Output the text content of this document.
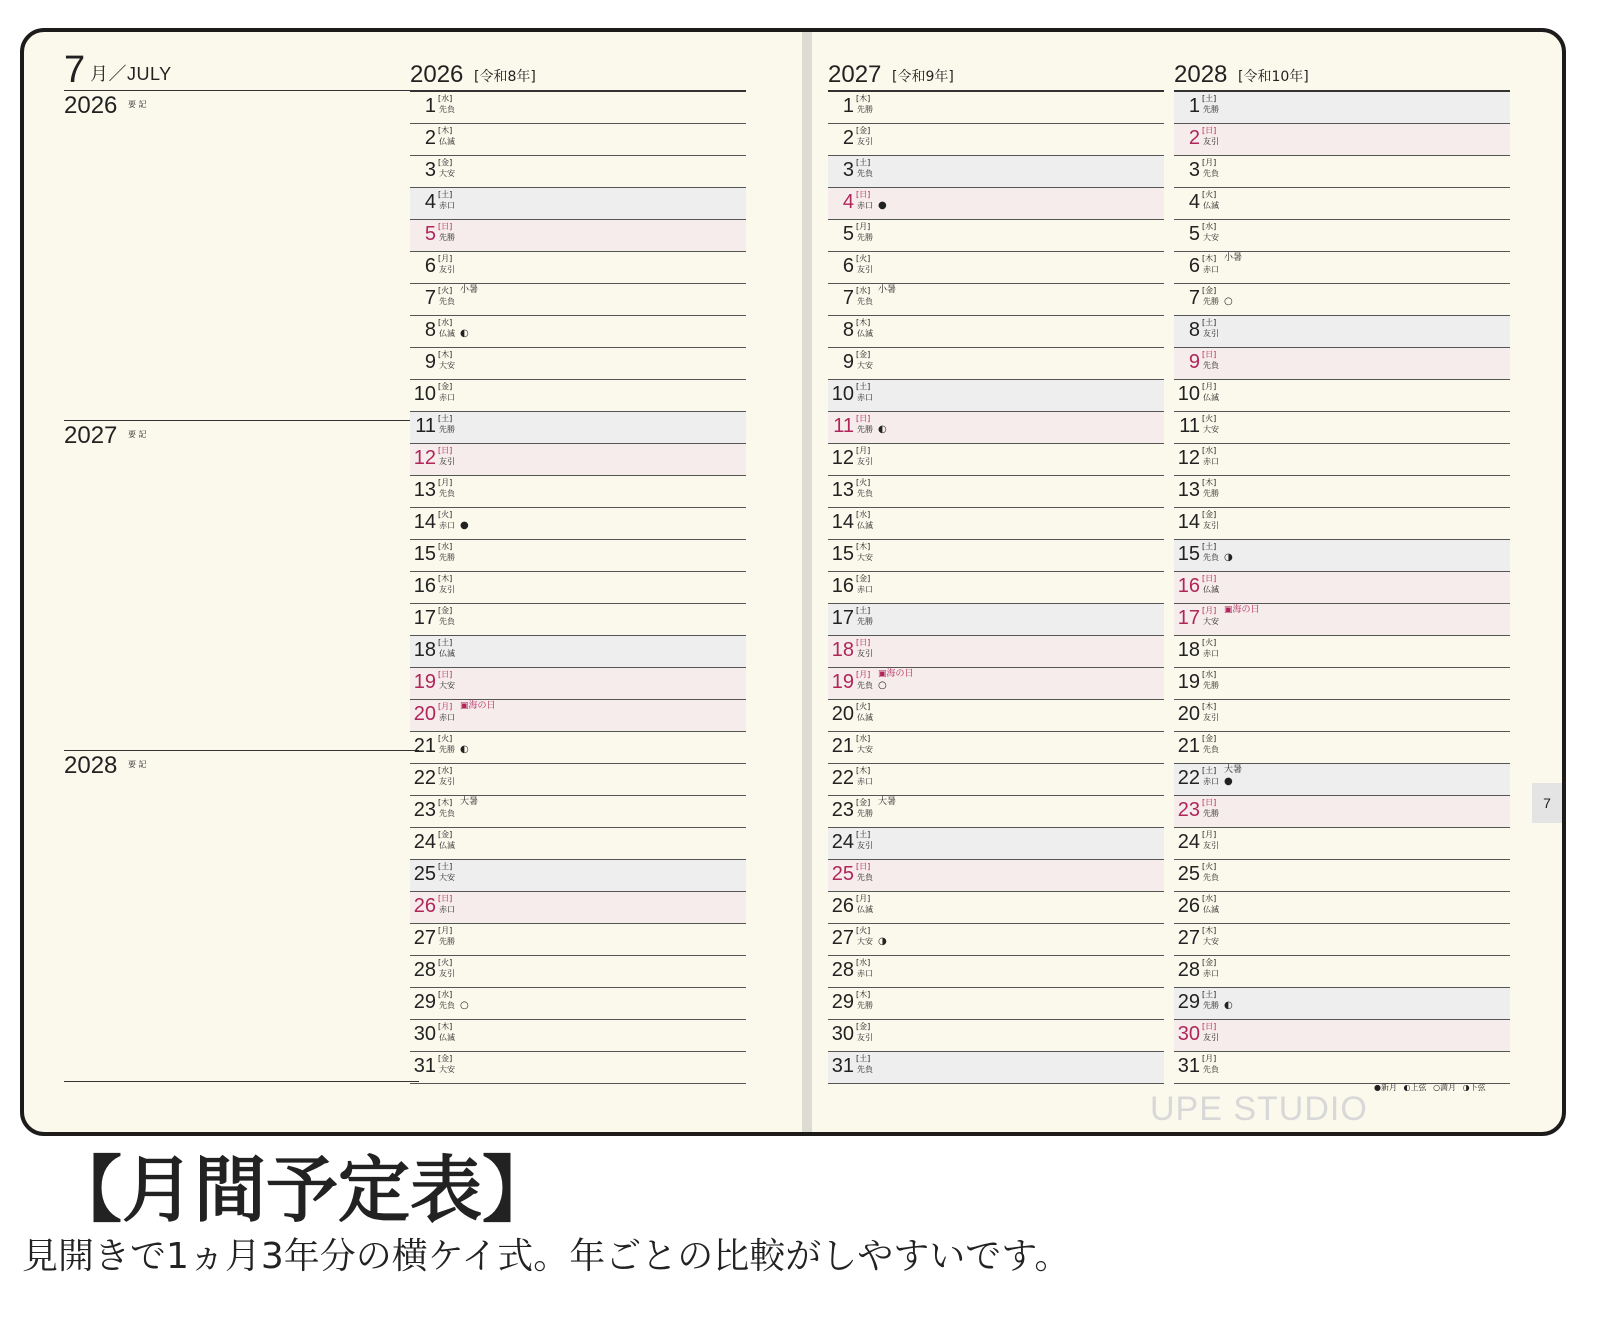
7 月／JULY
2026 要 記
2027 要 記
2028 要 記
2026 [令和8年]
1 [水]
先負
2 [木]
仏滅
3 [金]
大安
4 [土]
赤口
5 [日]
先勝
6 [月]
友引
7 [火]
先負
小暑
8 [水]
仏滅 ◐
9 [木]
大安
10 [金]
赤口
11 [土]
先勝
12 [日]
友引
13 [月]
先負
14 [火]
赤口 ●
15 [水]
先勝
16 [木]
友引
17 [金]
先負
18 [土]
仏滅
19 [日]
大安
20 [月]
赤口
▣海の日
21 [火]
先勝 ◐
22 [水]
友引
23 [木]
先負
大暑
24 [金]
仏滅
25 [土]
大安
26 [日]
赤口
27 [月]
先勝
28 [火]
友引
29 [水]
先負 ○
30 [木]
仏滅
31 [金]
大安
2027 [令和9年]
1 [木]
先勝
2 [金]
友引
3 [土]
先負
4 [日]
赤口 ●
5 [月]
先勝
6 [火]
友引
7 [水]
先負
小暑
8 [木]
仏滅
9 [金]
大安
10 [土]
赤口
11 [日]
先勝 ◐
12 [月]
友引
13 [火]
先負
14 [水]
仏滅
15 [木]
大安
16 [金]
赤口
17 [土]
先勝
18 [日]
友引
19 [月]
先負
▣海の日
○
20 [火]
仏滅
21 [水]
大安
22 [木]
赤口
23 [金]
先勝
大暑
24 [土]
友引
25 [日]
先負
26 [月]
仏滅
27 [火]
大安 ◑
28 [水]
赤口
29 [木]
先勝
30 [金]
友引
31 [土]
先負
2028 [令和10年]
1 [土]
先勝
2 [日]
友引
3 [月]
先負
4 [火]
仏滅
5 [水]
大安
6 [木]
赤口
小暑
7 [金]
先勝 ○
8 [土]
友引
9 [日]
先負
10 [月]
仏滅
11 [火]
大安
12 [水]
赤口
13 [木]
先勝
14 [金]
友引
15 [土]
先負 ◑
16 [日]
仏滅
17 [月]
大安
▣海の日
18 [火]
赤口
19 [水]
先勝
20 [木]
友引
21 [金]
先負
22 [土]
赤口
大暑
●
23 [日]
先勝
24 [月]
友引
25 [火]
先負
26 [水]
仏滅
27 [木]
大安
28 [金]
赤口
29 [土]
先勝 ◐
30 [日]
友引
31 [月]
先負
7
●新月 ◐上弦 ○満月 ◑下弦
UPE STUDIO
【月間予定表】
見開きで1ヵ月3年分の横ケイ式。年ごとの比較がしやすいです。
